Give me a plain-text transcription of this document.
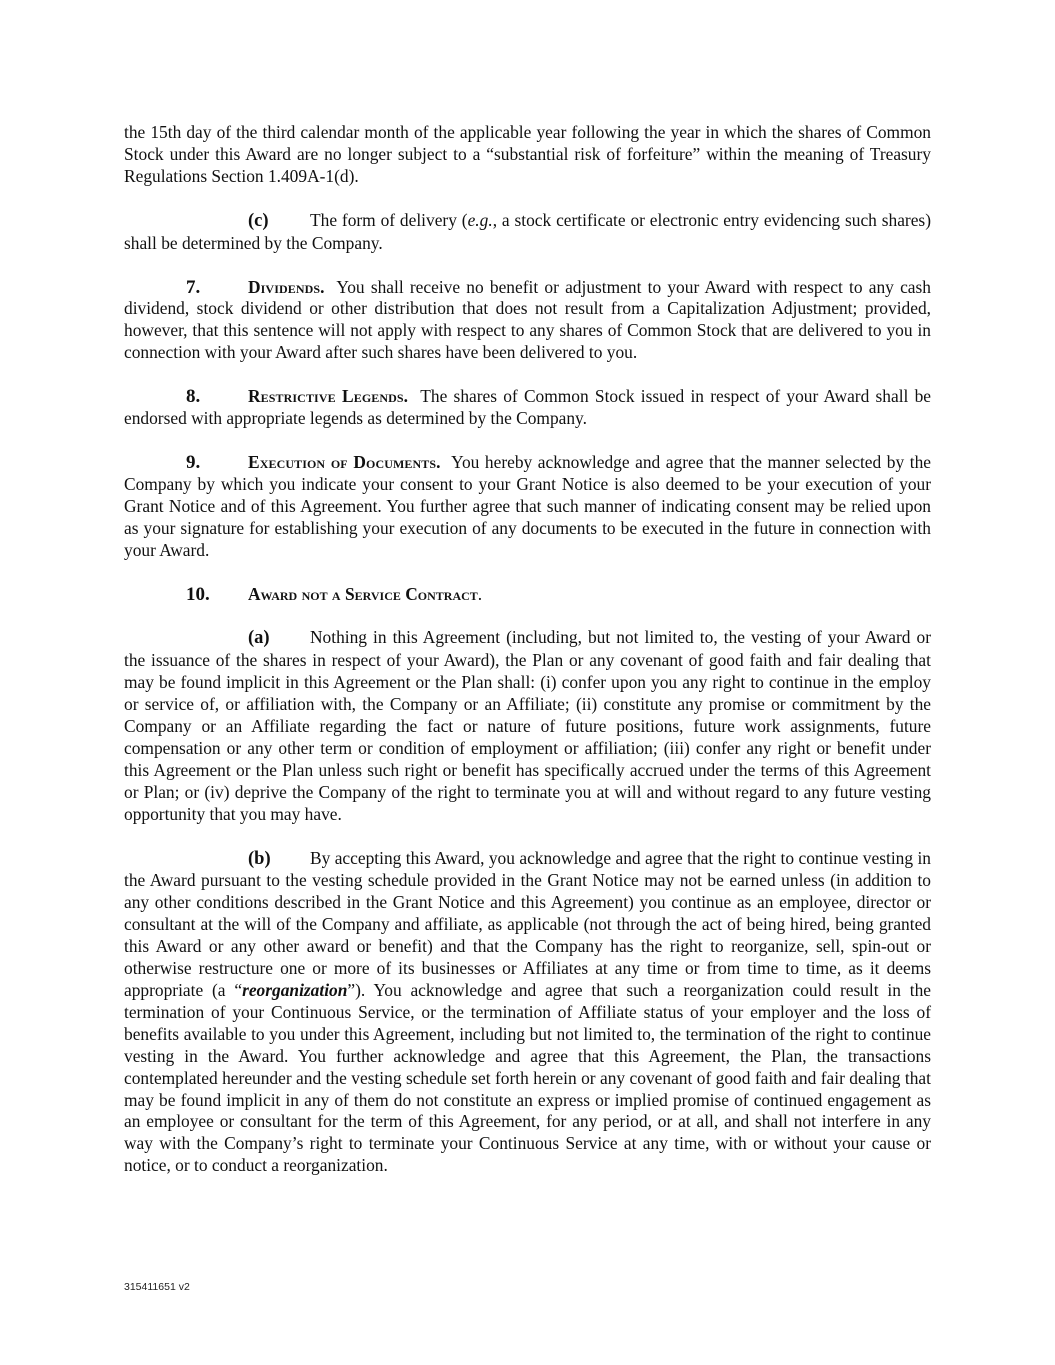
the 15th day of the third calendar month of the applicable year following the year in which the shares of Common Stock under this Award are no longer subject to a “substantial risk of forfeiture” within the meaning of Treasury Regulations Section 1.409A-1(d).

(c) The form of delivery (e.g., a stock certificate or electronic entry evidencing such shares) shall be determined by the Company.

7.	Dividends. You shall receive no benefit or adjustment to your Award with respect to any cash dividend, stock dividend or other distribution that does not result from a Capitalization Adjustment; provided, however, that this sentence will not apply with respect to any shares of Common Stock that are delivered to you in connection with your Award after such shares have been delivered to you.

8.	Restrictive Legends. The shares of Common Stock issued in respect of your Award shall be endorsed with appropriate legends as determined by the Company.

9.	Execution of Documents. You hereby acknowledge and agree that the manner selected by the Company by which you indicate your consent to your Grant Notice is also deemed to be your execution of your Grant Notice and of this Agreement. You further agree that such manner of indicating consent may be relied upon as your signature for establishing your execution of any documents to be executed in the future in connection with your Award.

10. Award not a Service Contract.

(a) Nothing in this Agreement (including, but not limited to, the vesting of your Award or the issuance of the shares in respect of your Award), the Plan or any covenant of good faith and fair dealing that may be found implicit in this Agreement or the Plan shall: (i) confer upon you any right to continue in the employ or service of, or affiliation with, the Company or an Affiliate; (ii) constitute any promise or commitment by the Company or an Affiliate regarding the fact or nature of future positions, future work assignments, future compensation or any other term or condition of employment or affiliation; (iii) confer any right or benefit under this Agreement or the Plan unless such right or benefit has specifically accrued under the terms of this Agreement or Plan; or (iv) deprive the Company of the right to terminate you at will and without regard to any future vesting opportunity that you may have.

(b) By accepting this Award, you acknowledge and agree that the right to continue vesting in the Award pursuant to the vesting schedule provided in the Grant Notice may not be earned unless (in addition to any other conditions described in the Grant Notice and this Agreement) you continue as an employee, director or consultant at the will of the Company and affiliate, as applicable (not through the act of being hired, being granted this Award or any other award or benefit) and that the Company has the right to reorganize, sell, spin-out or otherwise restructure one or more of its businesses or Affiliates at any time or from time to time, as it deems appropriate (a “reorganization”). You acknowledge and agree that such a reorganization could result in the termination of your Continuous Service, or the termination of Affiliate status of your employer and the loss of benefits available to you under this Agreement, including but not limited to, the termination of the right to continue vesting in the Award. You further acknowledge and agree that this Agreement, the Plan, the transactions contemplated hereunder and the vesting schedule set forth herein or any covenant of good faith and fair dealing that may be found implicit in any of them do not constitute an express or implied promise of continued engagement as an employee or consultant for the term of this Agreement, for any period, or at all, and shall not interfere in any way with the Company’s right to terminate your Continuous Service at any time, with or without your cause or notice, or to conduct a reorganization.

315411651 v2
